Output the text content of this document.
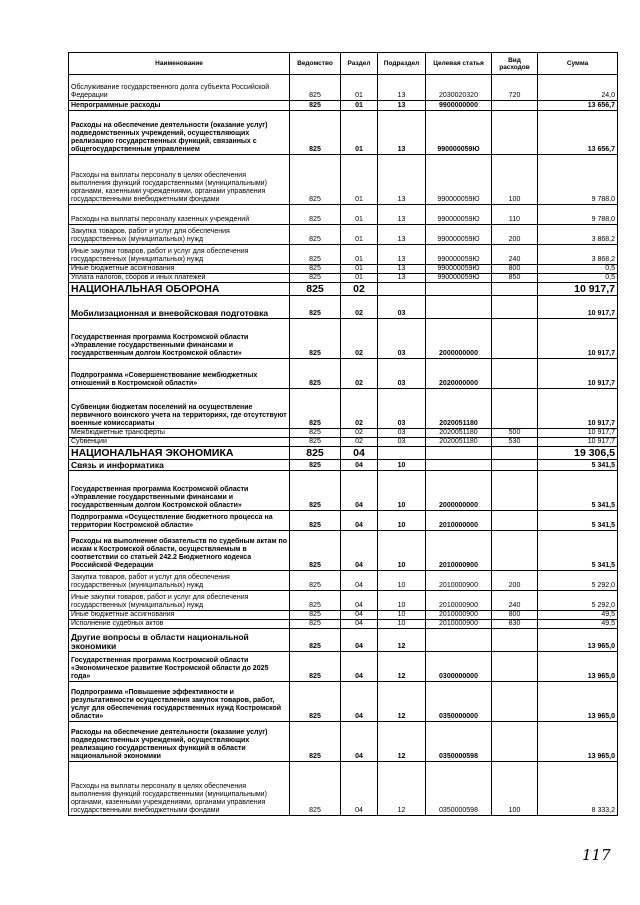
Наименование	Ведомство	Раздел	Подраздел	Целевая статья	Вид расходов	Сумма
Обслуживание государственного долга субъекта Российской Федерации	825	01	13	2030020320	720	24,0
Непрограммные расходы	825	01	13	9900000000		13 656,7
Расходы на обеспечение деятельности (оказание услуг) подведомственных учреждений, осуществляющих реализацию государственных функций, связанных с общегосударственным управлением	825	01	13	990000059Ю		13 656,7
Расходы на выплаты персоналу в целях обеспечения выполнения функций государственными (муниципальными) органами, казенными учреждениями, органами управления государственными внебюджетными фондами	825	01	13	990000059Ю	100	9 788,0
Расходы на выплаты персоналу казенных учреждений	825	01	13	990000059Ю	110	9 788,0
Закупка товаров, работ и услуг для обеспечения государственных (муниципальных) нужд	825	01	13	990000059Ю	200	3 868,2
Иные закупки товаров, работ и услуг для обеспечения государственных (муниципальных) нужд	825	01	13	990000059Ю	240	3 868,2
Иные бюджетные ассигнования	825	01	13	990000059Ю	800	0,5
Уплата налогов, сборов и иных платежей	825	01	13	990000059Ю	850	0,5
НАЦИОНАЛЬНАЯ ОБОРОНА	825	02				10 917,7
Мобилизационная и вневойсковая подготовка	825	02	03			10 917,7
Государственная программа Костромской области «Управление государственными финансами и государственным долгом Костромской области»	825	02	03	2000000000		10 917,7
Подпрограмма «Совершенствование межбюджетных отношений в Костромской области»	825	02	03	2020000000		10 917,7
Субвенции бюджетам поселений на осуществление первичного воинского учета на территориях, где отсутствуют военные комиссариаты	825	02	03	2020051180		10 917,7
Межбюджетные трансферты	825	02	03	2020051180	500	10 917,7
Субвенции	825	02	03	2020051180	530	10 917,7
НАЦИОНАЛЬНАЯ ЭКОНОМИКА	825	04				19 306,5
Связь и информатика	825	04	10			5 341,5
Государственная программа Костромской области «Управление государственными финансами и государственным долгом Костромской области»	825	04	10	2000000000		5 341,5
Подпрограмма «Осуществление бюджетного процесса на территории Костромской области»	825	04	10	2010000000		5 341,5
Расходы на выполнение обязательств по судебным актам по искам к Костромской области, осуществляемым в соответствии со статьей 242.2 Бюджетного кодекса Российской Федерации	825	04	10	2010000900		5 341,5
Закупка товаров, работ и услуг для обеспечения государственных (муниципальных) нужд	825	04	10	2010000900	200	5 292,0
Иные закупки товаров, работ и услуг для обеспечения государственных (муниципальных) нужд	825	04	10	2010000900	240	5 292,0
Иные бюджетные ассигнования	825	04	10	2010000900	800	49,5
Исполнение судебных актов	825	04	10	2010000900	830	49,5
Другие вопросы в области национальной экономики	825	04	12			13 965,0
Государственная программа Костромской области «Экономическое развитие Костромской области до 2025 года»	825	04	12	0300000000		13 965,0
Подпрограмма «Повышение эффективности и результативности осуществления закупок товаров, работ, услуг для обеспечения государственных нужд Костромской области»	825	04	12	0350000000		13 965,0
Расходы на обеспечение деятельности (оказание услуг) подведомственных учреждений, осуществляющих реализацию государственных функций в области национальной экономики	825	04	12	0350000598		13 965,0
Расходы на выплаты персоналу в целях обеспечения выполнения функций государственными (муниципальными) органами, казенными учреждениями, органами управления государственными внебюджетными фондами	825	04	12	0350000598	100	8 333,2
117
